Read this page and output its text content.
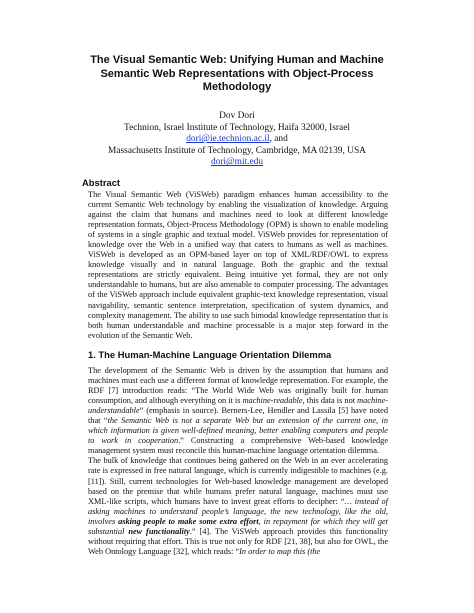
The Visual Semantic Web: Unifying Human and Machine
Semantic Web Representations with Object-Process
Methodology
Dov Dori
Technion, Israel Institute of Technology, Haifa 32000, Israel
dori@ie.technion.ac.il, and
Massachusetts Institute of Technology, Cambridge, MA 02139, USA
dori@mit.edu
Abstract
The Visual Semantic Web (ViSWeb) paradigm enhances human accessibility to the current Semantic Web technology by enabling the visualization of knowledge. Arguing against the claim that humans and machines need to look at different knowledge representation formats, Object-Process Methodology (OPM) is shown to enable modeling of systems in a single graphic and textual model. ViSWeb provides for representation of knowledge over the Web in a unified way that caters to humans as well as machines. ViSWeb is developed as an OPM-based layer on top of XML/RDF/OWL to express knowledge visually and in natural language. Both the graphic and the textual representations are strictly equivalent. Being intuitive yet formal, they are not only understandable to humans, but are also amenable to computer processing. The advantages of the ViSWeb approach include equivalent graphic-text knowledge representation, visual navigability, semantic sentence interpretation, specification of system dynamics, and complexity management. The ability to use such bimodal knowledge representation that is both human understandable and machine processable is a major step forward in the evolution of the Semantic Web.
1. The Human-Machine Language Orientation Dilemma
The development of the Semantic Web is driven by the assumption that humans and machines must each use a different format of knowledge representation. For example, the RDF [7] introduction reads: “The World Wide Web was originally built for human consumption, and although everything on it is machine-readable, this data is not machine-understandable” (emphasis in source). Berners-Lee, Hendler and Lassila [5] have noted that “the Semantic Web is not a separate Web but an extension of the current one, in which information is given well-defined meaning, better enabling computers and people to work in cooperation.” Constructing a comprehensive Web-based knowledge management system must reconcile this human-machine language orientation dilemma.
The bulk of knowledge that continues being gathered on the Web in an ever accelerating rate is expressed in free natural language, which is currently indigestible to machines (e.g. [11]). Still, current technologies for Web-based knowledge management are developed based on the premise that while humans prefer natural language, machines must use XML-like scripts, which humans have to invest great efforts to decipher: “… instead of asking machines to understand people’s language, the new technology, like the old, involves asking people to make some extra effort, in repayment for which they will get substantial new functionality.” [4]. The ViSWeb approach provides this functionality without requiring that effort. This is true not only for RDF [21, 38], but also for OWL, the Web Ontology Language [32], which reads: “In order to map this (the
